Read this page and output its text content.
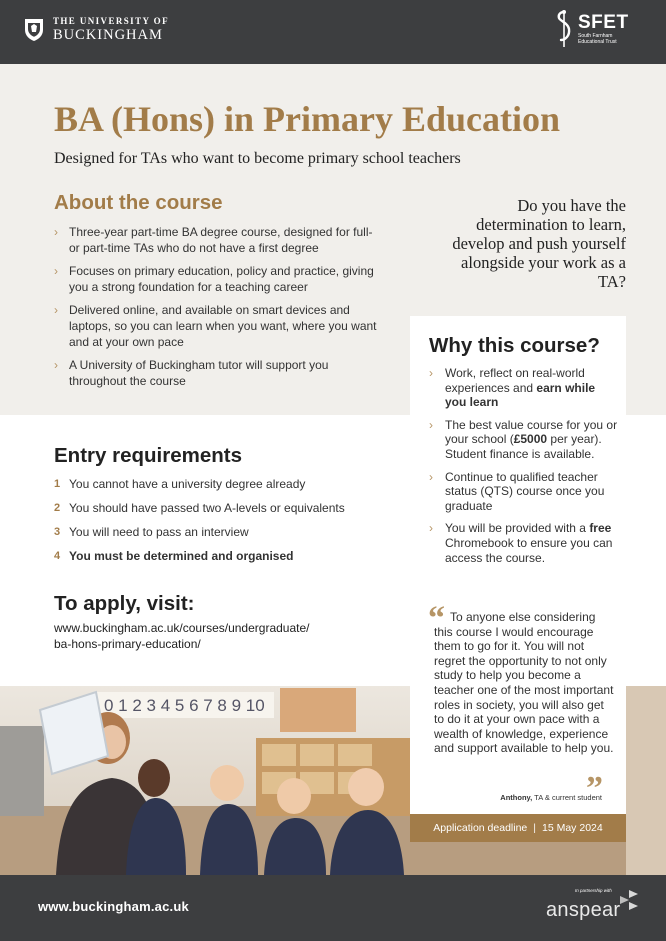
THE UNIVERSITY OF
BUCKINGHAM
SFET
South Farnham
Educational Trust
BA (Hons) in Primary Education

Designed for TAs who want to become primary school teachers

About the course
› Three-year part-time BA degree course, designed for full- or part-time TAs who do not have a first degree
› Focuses on primary education, policy and practice, giving you a strong foundation for a teaching career
› Delivered online, and available on smart devices and laptops, so you can learn when you want, where you want and at your own pace
› A University of Buckingham tutor will support you throughout the course

Do you have the determination to learn, develop and push yourself alongside your work as a TA?

Entry requirements
1 You cannot have a university degree already
2 You should have passed two A-levels or equivalents
3 You will need to pass an interview
4 You must be determined and organised
To apply, visit:
www.buckingham.ac.uk/courses/undergraduate/
ba-hons-primary-education/
0 1 2 3 4 5 6 7 8 9 10
Why this course?
› Work, reflect on real-world experiences and earn while you learn
› The best value course for you or your school (£5000 per year). Student finance is available.
› Continue to qualified teacher status (QTS) course once you graduate
› You will be provided with a free Chromebook to ensure you can access the course.
“ To anyone else considering this course I would encourage them to go for it. You will not regret the opportunity to not only study to help you become a teacher one of the most important roles in society, you will also get to do it at your own pace with a wealth of knowledge, experience and support available to help you.

”

Anthony, TA & current student

Application deadline | 15 May 2024
www.buckingham.ac.uk
In partnership with
anspear
